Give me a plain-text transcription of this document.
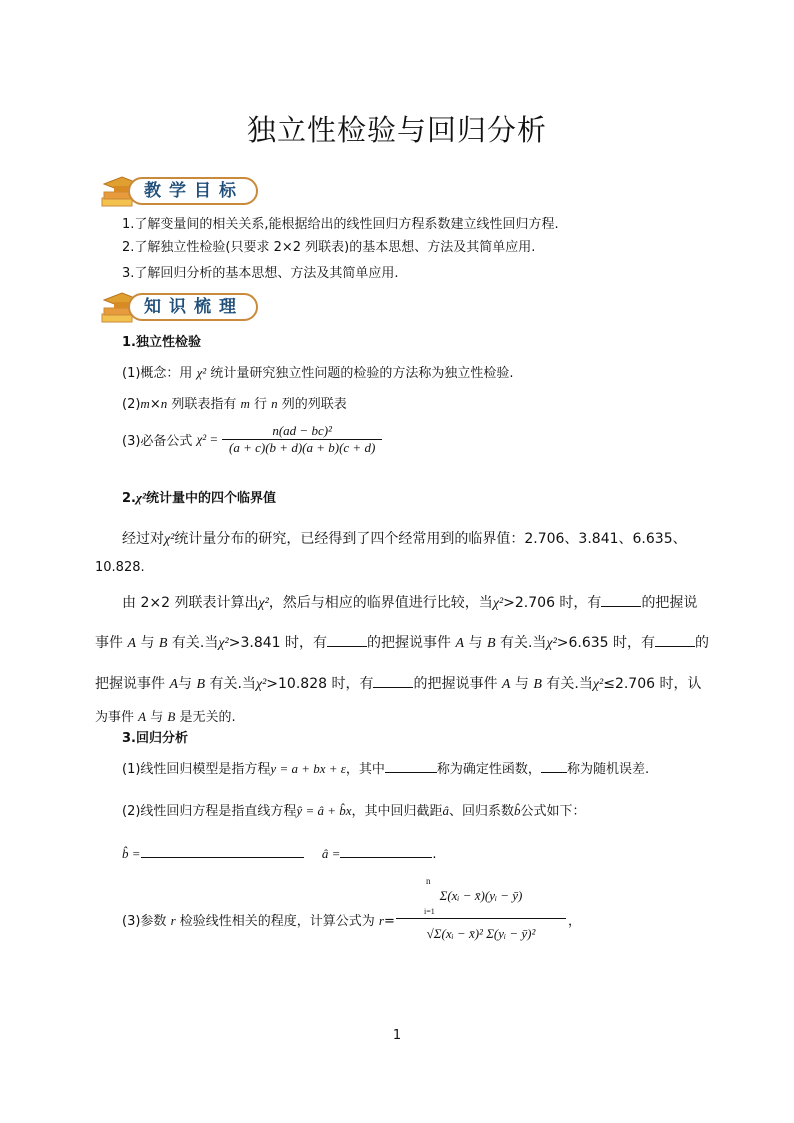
独立性检验与回归分析
教学目标
1.了解变量间的相关关系,能根据给出的线性回归方程系数建立线性回归方程.
2.了解独立性检验(只要求 2×2 列联表)的基本思想、方法及其简单应用.
3.了解回归分析的基本思想、方法及其简单应用.
知识梳理
1.独立性检验
(1)概念：用 χ² 统计量研究独立性问题的检验的方法称为独立性检验.
(2)m×n 列联表指有 m 行 n 列的列联表
(3)必备公式 $\chi^2 = \frac{\text{n(ad − bc)²}}{(a + c)(b + d)(a + b)(c + d)}$
2.χ²统计量中的四个临界值
经过对χ²统计量分布的研究，已经得到了四个经常用到的临界值：2.706、3.841、6.635、
10.828.
由 2×2 列联表计算出χ²，然后与相应的临界值进行比较，当χ²>2.706 时，有	的把握说
事件 A 与 B 有关.当χ²>3.841 时，有	的把握说事件 A 与 B 有关.当χ²>6.635 时，有	的
把握说事件 A与 B 有关.当χ²>10.828 时，有	的把握说事件 A 与 B 有关.当χ²≤2.706 时，认
为事件 A 与 B 是无关的.
3.回归分析
(1)线性回归模型是指方程y = a + bx + ε，其中	称为确定性函数， 称为随机误差.
(2)线性回归方程是指直线方程ŷ = â + b̂x，其中回归截距â、回归系数b̂公式如下：
b̂ =	â =	.
(3)参数 r 检验线性相关的程度，计算公式为 r=
n
Σ(xᵢ − x̄)(yᵢ − ȳ)
i=1
√Σ(xᵢ − x̄)² Σ(yᵢ − ȳ)²
，
1
